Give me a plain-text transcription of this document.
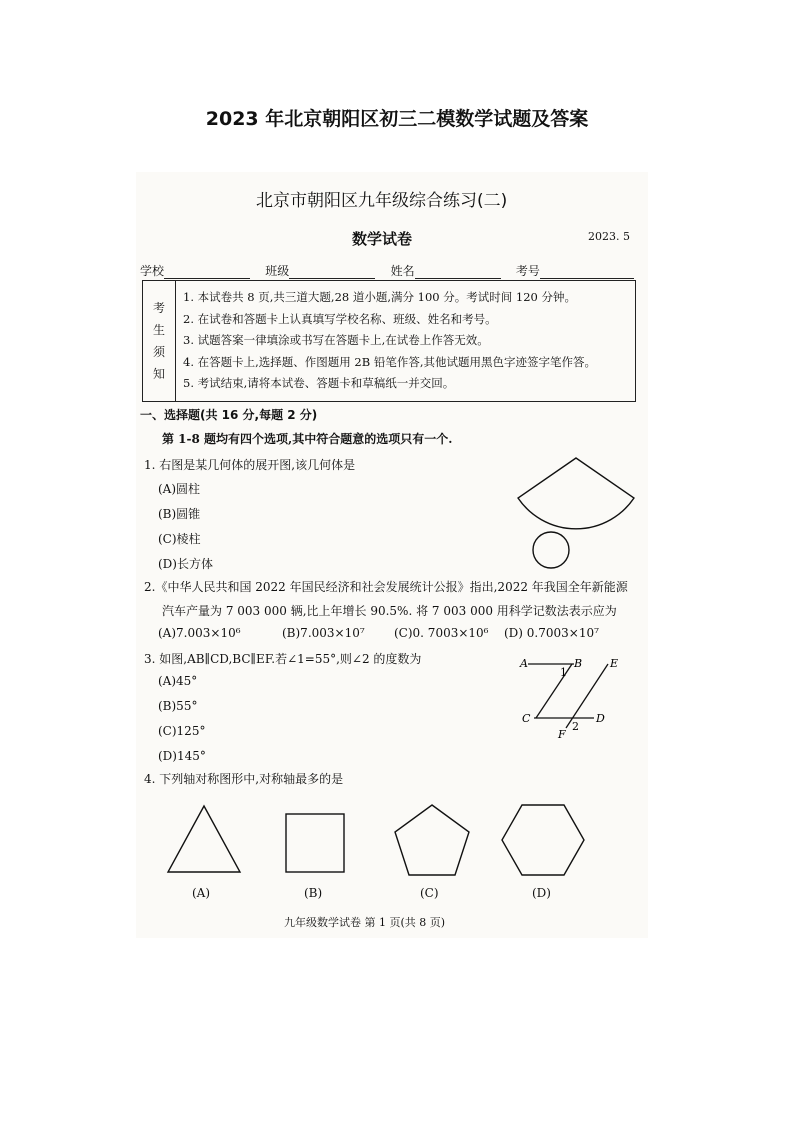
2023 年北京朝阳区初三二模数学试题及答案
北京市朝阳区九年级综合练习(二)
数学试卷	2023. 5
学校	班级	姓名	考号
考
生
须
知
1. 本试卷共 8 页,共三道大题,28 道小题,满分 100 分。考试时间 120 分钟。
2. 在试卷和答题卡上认真填写学校名称、班级、姓名和考号。
3. 试题答案一律填涂或书写在答题卡上,在试卷上作答无效。
4. 在答题卡上,选择题、作图题用 2B 铅笔作答,其他试题用黑色字迹签字笔作答。
5. 考试结束,请将本试卷、答题卡和草稿纸一并交回。
一、选择题(共 16 分,每题 2 分)
第 1-8 题均有四个选项,其中符合题意的选项只有一个.
1. 右图是某几何体的展开图,该几何体是
(A)圆柱
(B)圆锥
(C)棱柱
(D)长方体
2.《中华人民共和国 2022 年国民经济和社会发展统计公报》指出,2022 年我国全年新能源
汽车产量为 7 003 000 辆,比上年增长 90.5%. 将 7 003 000 用科学记数法表示应为
(A)7.003×10⁶	(B)7.003×10⁷ (C)0. 7003×10⁶ (D) 0.7003×10⁷
3. 如图,AB∥CD,BC∥EF.若∠1=55°,则∠2 的度数为
(A)45°
(B)55°
(C)125°
(D)145°
A	B	E
C	D
F
1
2
4. 下列轴对称图形中,对称轴最多的是
(A)	(B)	(C)	(D)
九年级数学试卷 第 1 页(共 8 页)
